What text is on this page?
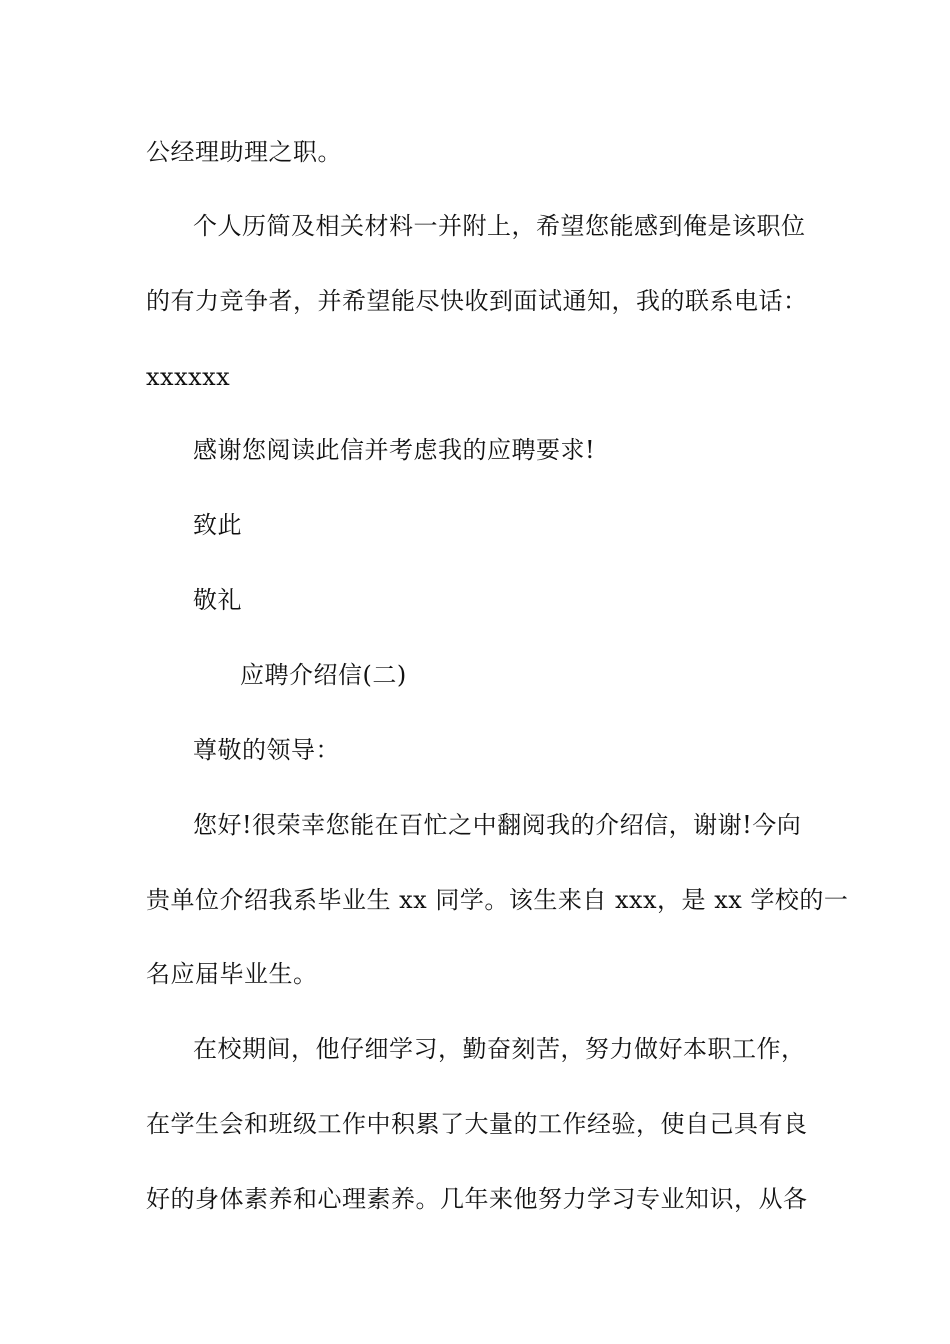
公经理助理之职。
个人历简及相关材料一并附上，希望您能感到俺是该职位
的有力竞争者，并希望能尽快收到面试通知，我的联系电话：
xxxxxx
感谢您阅读此信并考虑我的应聘要求!
致此
敬礼
应聘介绍信(二)
尊敬的领导：
您好!很荣幸您能在百忙之中翻阅我的介绍信，谢谢!今向
贵单位介绍我系毕业生 xx 同学。该生来自 xxx，是 xx 学校的一
名应届毕业生。
在校期间，他仔细学习，勤奋刻苦，努力做好本职工作，
在学生会和班级工作中积累了大量的工作经验，使自己具有良
好的身体素养和心理素养。几年来他努力学习专业知识，从各
